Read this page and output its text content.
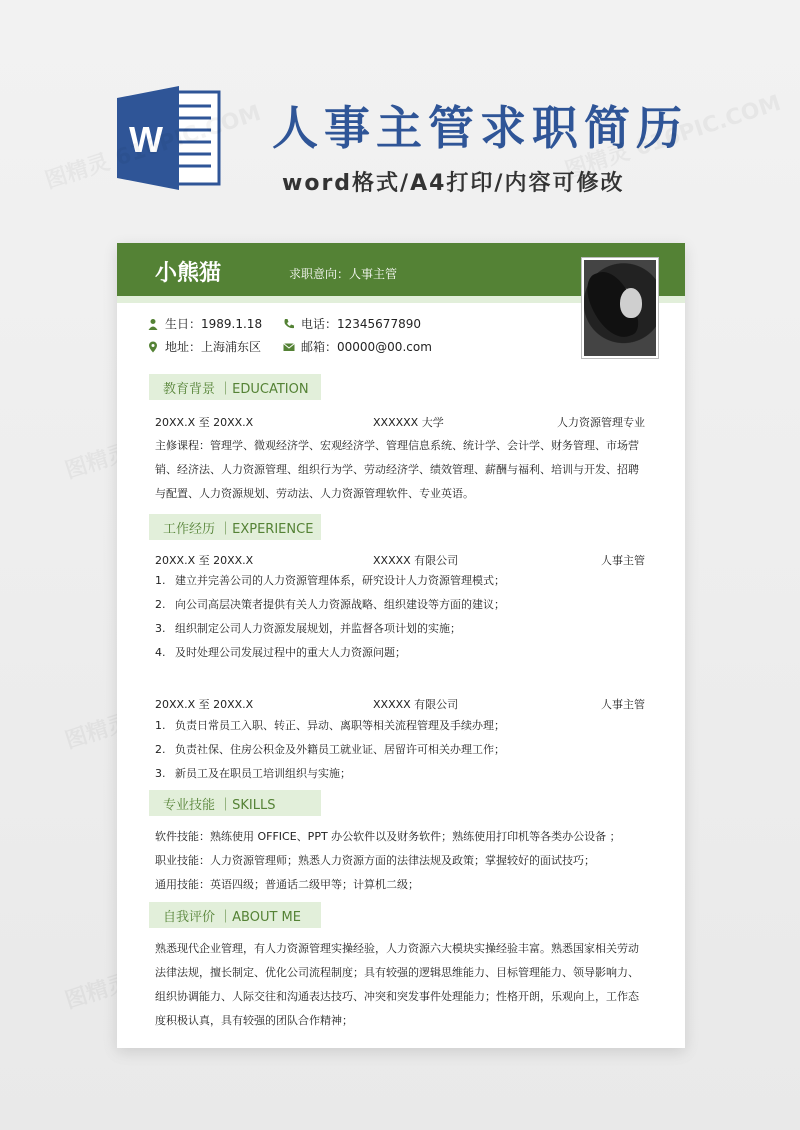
W 人事主管求职简历
word格式/A4打印/内容可修改
小熊猫	求职意向：人事主管
生日：1989.1.18	电话：12345677890
地址：上海浦东区	邮箱：00000@00.com
教育背景 ｜EDUCATION
20XX.X 至 20XX.X	XXXXXX 大学	人力资源管理专业
主修课程：管理学、微观经济学、宏观经济学、管理信息系统、统计学、会计学、财务管理、市场营销、经济法、人力资源管理、组织行为学、劳动经济学、绩效管理、薪酬与福利、培训与开发、招聘与配置、人力资源规划、劳动法、人力资源管理软件、专业英语。
工作经历 ｜EXPERIENCE
20XX.X 至 20XX.X	XXXXX 有限公司	人事主管
1. 建立并完善公司的人力资源管理体系，研究设计人力资源管理模式；
2. 向公司高层决策者提供有关人力资源战略、组织建设等方面的建议；
3. 组织制定公司人力资源发展规划，并监督各项计划的实施；
4. 及时处理公司发展过程中的重大人力资源问题；
20XX.X 至 20XX.X	XXXXX 有限公司	人事主管
1. 负责日常员工入职、转正、异动、离职等相关流程管理及手续办理；
2. 负责社保、住房公积金及外籍员工就业证、居留许可相关办理工作；
3. 新员工及在职员工培训组织与实施；
专业技能 ｜SKILLS
软件技能：熟练使用 OFFICE、PPT 办公软件以及财务软件；熟练使用打印机等各类办公设备 ；
职业技能：人力资源管理师；熟悉人力资源方面的法律法规及政策；掌握较好的面试技巧；
通用技能：英语四级；普通话二级甲等；计算机二级；
自我评价 ｜ABOUT ME
熟悉现代企业管理，有人力资源管理实操经验，人力资源六大模块实操经验丰富。熟悉国家相关劳动法律法规，擅长制定、优化公司流程制度；具有较强的逻辑思维能力、目标管理能力、领导影响力、组织协调能力、人际交往和沟通表达技巧、冲突和突发事件处理能力；性格开朗，乐观向上，工作态度积极认真，具有较强的团队合作精神；
